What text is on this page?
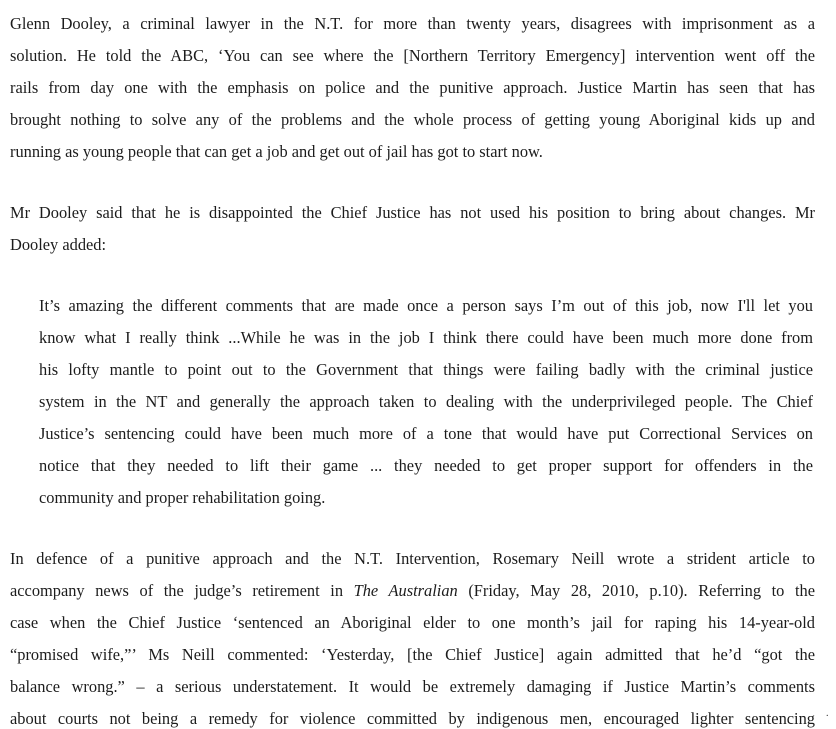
Glenn Dooley, a criminal lawyer in the N.T. for more than twenty years, disagrees with imprisonment as a
solution. He told the ABC, ‘You can see where the [Northern Territory Emergency] intervention went off the
rails from day one with the emphasis on police and the punitive approach. Justice Martin has seen that has
brought nothing to solve any of the problems and the whole process of getting young Aboriginal kids up and
running as young people that can get a job and get out of jail has got to start now.

Mr Dooley said that he is disappointed the Chief Justice has not used his position to bring about changes. Mr
Dooley added:

It’s amazing the different comments that are made once a person says I’m out of this job, now I'll let you
know what I really think ...While he was in the job I think there could have been much more done from
his lofty mantle to point out to the Government that things were failing badly with the criminal justice
system in the NT and generally the approach taken to dealing with the underprivileged people. The Chief
Justice’s sentencing could have been much more of a tone that would have put Correctional Services on
notice that they needed to lift their game ... they needed to get proper support for offenders in the
community and proper rehabilitation going.

In defence of a punitive approach and the N.T. Intervention, Rosemary Neill wrote a strident article to
accompany news of the judge’s retirement in The Australian (Friday, May 28, 2010, p.10). Referring to the
case when the Chief Justice ‘sentenced an Aboriginal elder to one month’s jail for raping his 14-year-old
“promised wife,”’ Ms Neill commented: ‘Yesterday, [the Chief Justice] again admitted that he’d “got the
balance wrong.” – a serious understatement. It would be extremely damaging if Justice Martin’s comments
about courts not being a remedy for violence committed by indigenous men, encouraged lighter sentencing .
